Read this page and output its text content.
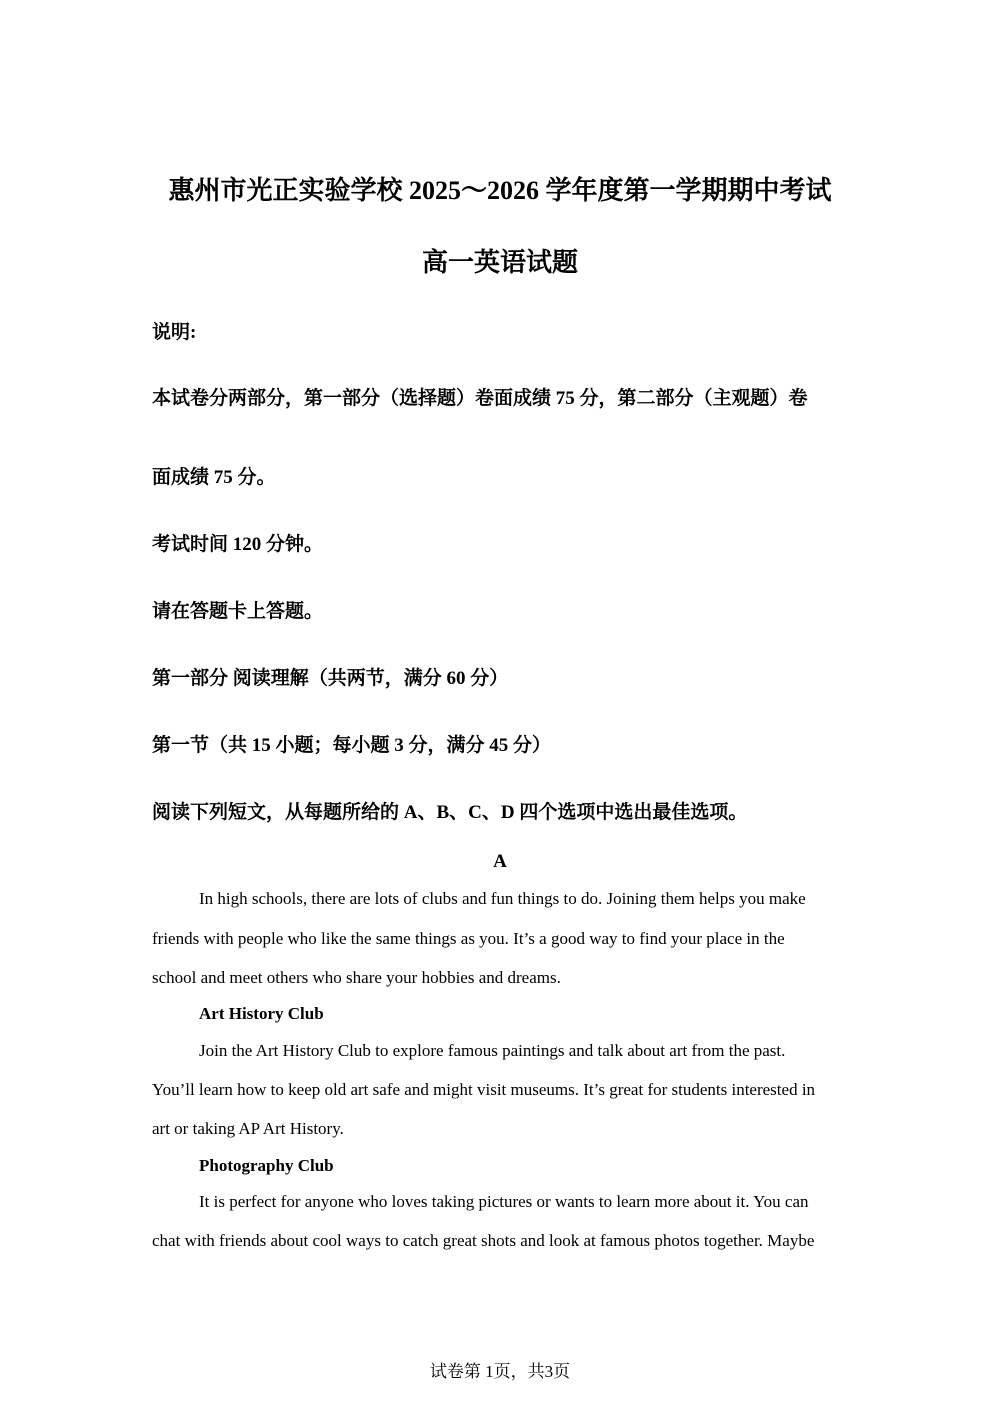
惠州市光正实验学校 2025～2026 学年度第一学期期中考试
高一英语试题
说明:
本试卷分两部分，第一部分（选择题）卷面成绩 75 分，第二部分（主观题）卷
面成绩 75 分。
考试时间 120 分钟。
请在答题卡上答题。
第一部分 阅读理解（共两节，满分 60 分）
第一节（共 15 小题；每小题 3 分，满分 45 分）
阅读下列短文，从每题所给的 A、B、C、D 四个选项中选出最佳选项。
A
In high schools, there are lots of clubs and fun things to do. Joining them helps you make
friends with people who like the same things as you. It’s a good way to find your place in the
school and meet others who share your hobbies and dreams.
Art History Club
Join the Art History Club to explore famous paintings and talk about art from the past.
You’ll learn how to keep old art safe and might visit museums. It’s great for students interested in
art or taking AP Art History.
Photography Club
It is perfect for anyone who loves taking pictures or wants to learn more about it. You can
chat with friends about cool ways to catch great shots and look at famous photos together. Maybe
试卷第 1页，共3页
